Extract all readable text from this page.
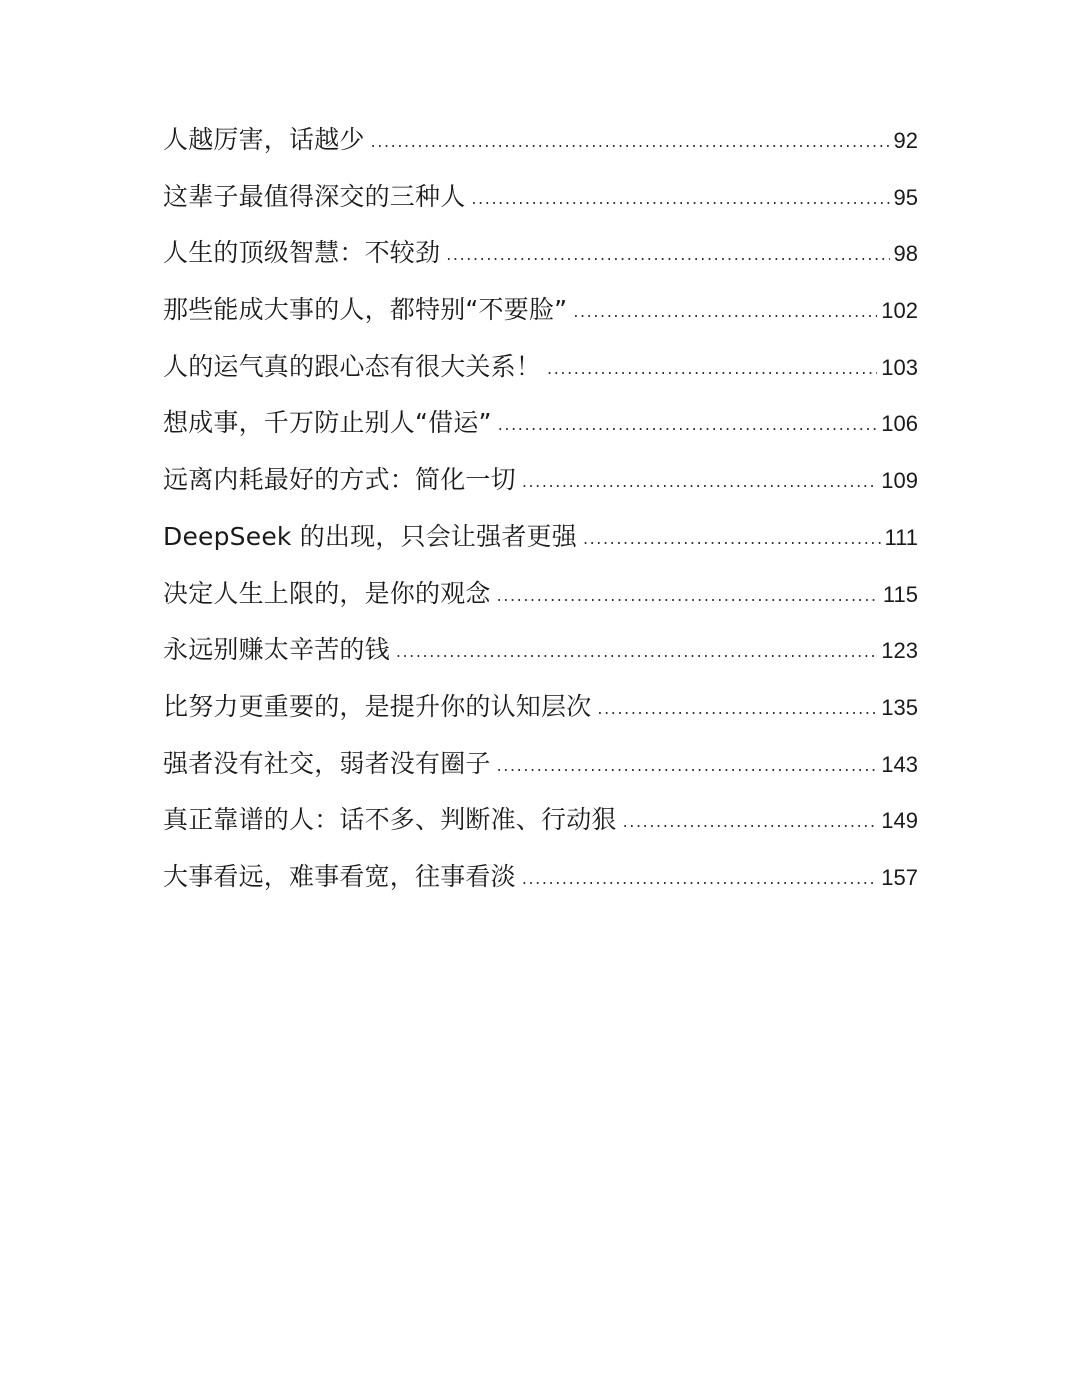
人越厉害，话越少 .....	92
这辈子最值得深交的三种人 .....	95
人生的顶级智慧：不较劲 .....	98
那些能成大事的人，都特别“不要脸” .....	102
人的运气真的跟心态有很大关系！ .....	103
想成事，千万防止别人“借运” .....	106
远离内耗最好的方式：简化一切 .....	109
DeepSeek 的出现，只会让强者更强 .....	111
决定人生上限的，是你的观念 .....	115
永远别赚太辛苦的钱 .....	123
比努力更重要的，是提升你的认知层次 .....	135
强者没有社交，弱者没有圈子 .....	143
真正靠谱的人：话不多、判断准、行动狠 .....	149
大事看远，难事看宽，往事看淡 .....	157
